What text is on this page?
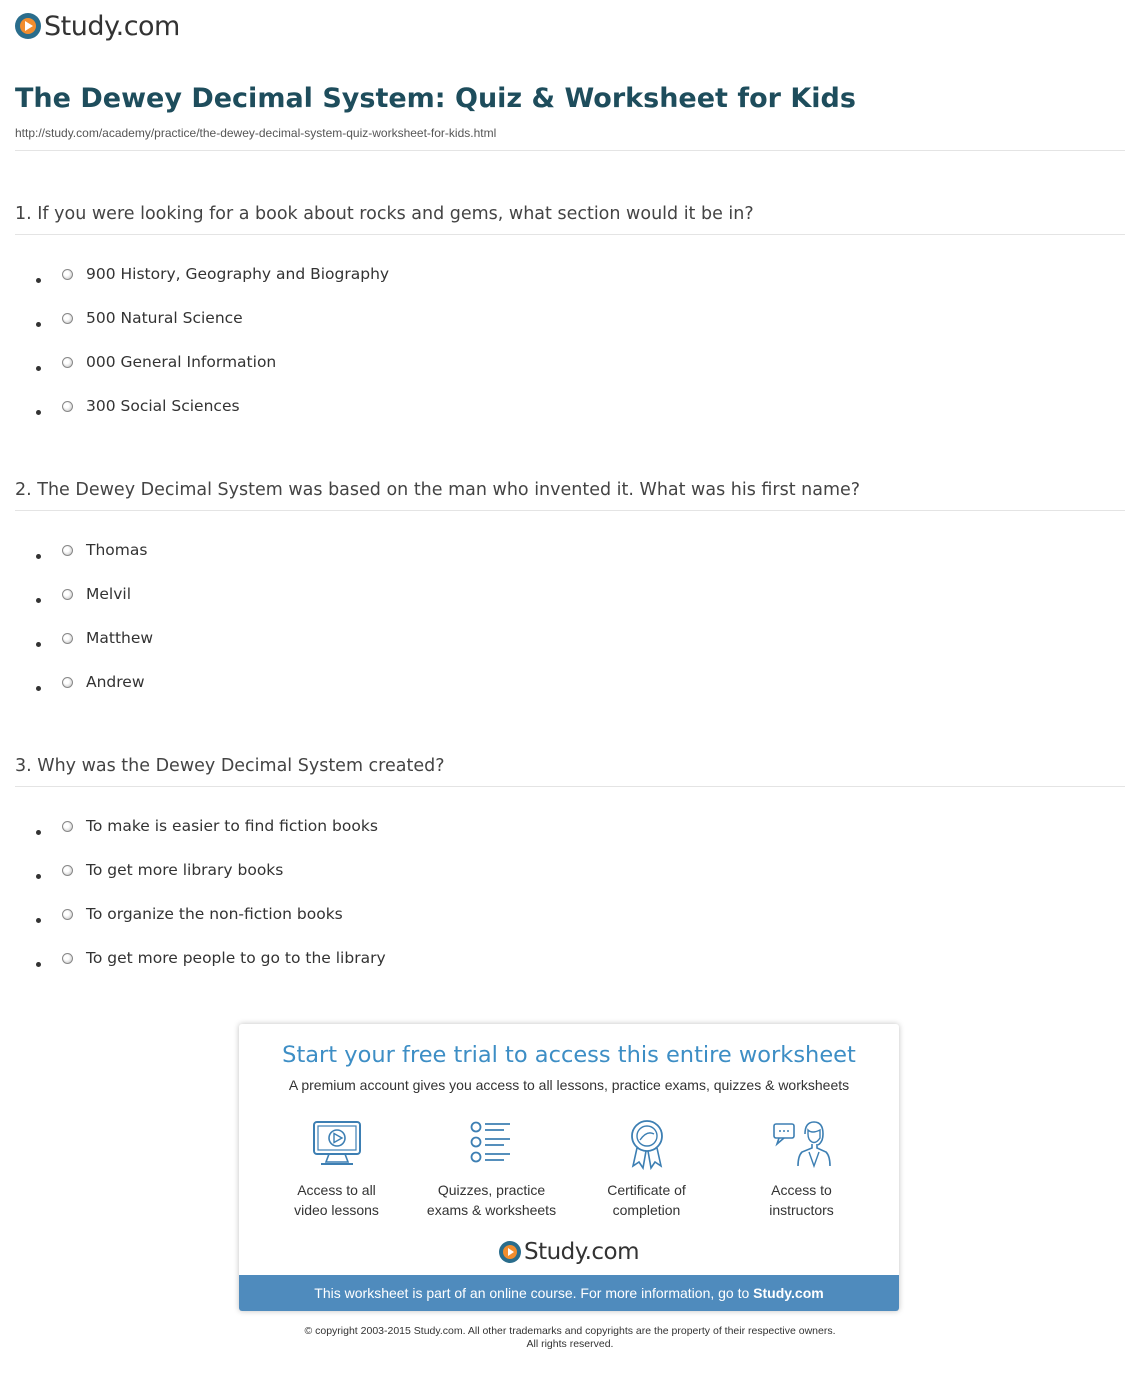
Study.com
The Dewey Decimal System: Quiz & Worksheet for Kids
http://study.com/academy/practice/the-dewey-decimal-system-quiz-worksheet-for-kids.html
1. If you were looking for a book about rocks and gems, what section would it be in?
900 History, Geography and Biography
500 Natural Science
000 General Information
300 Social Sciences
2. The Dewey Decimal System was based on the man who invented it. What was his first name?
Thomas
Melvil
Matthew
Andrew
3. Why was the Dewey Decimal System created?
To make is easier to find fiction books
To get more library books
To organize the non-fiction books
To get more people to go to the library
Start your free trial to access this entire worksheet
A premium account gives you access to all lessons, practice exams, quizzes & worksheets
Access to all
video lessons
Quizzes, practice
exams & worksheets
Certificate of
completion
Access to
instructors
Study.com
This worksheet is part of an online course. For more information, go to Study.com
© copyright 2003-2015 Study.com. All other trademarks and copyrights are the property of their respective owners.
All rights reserved.
